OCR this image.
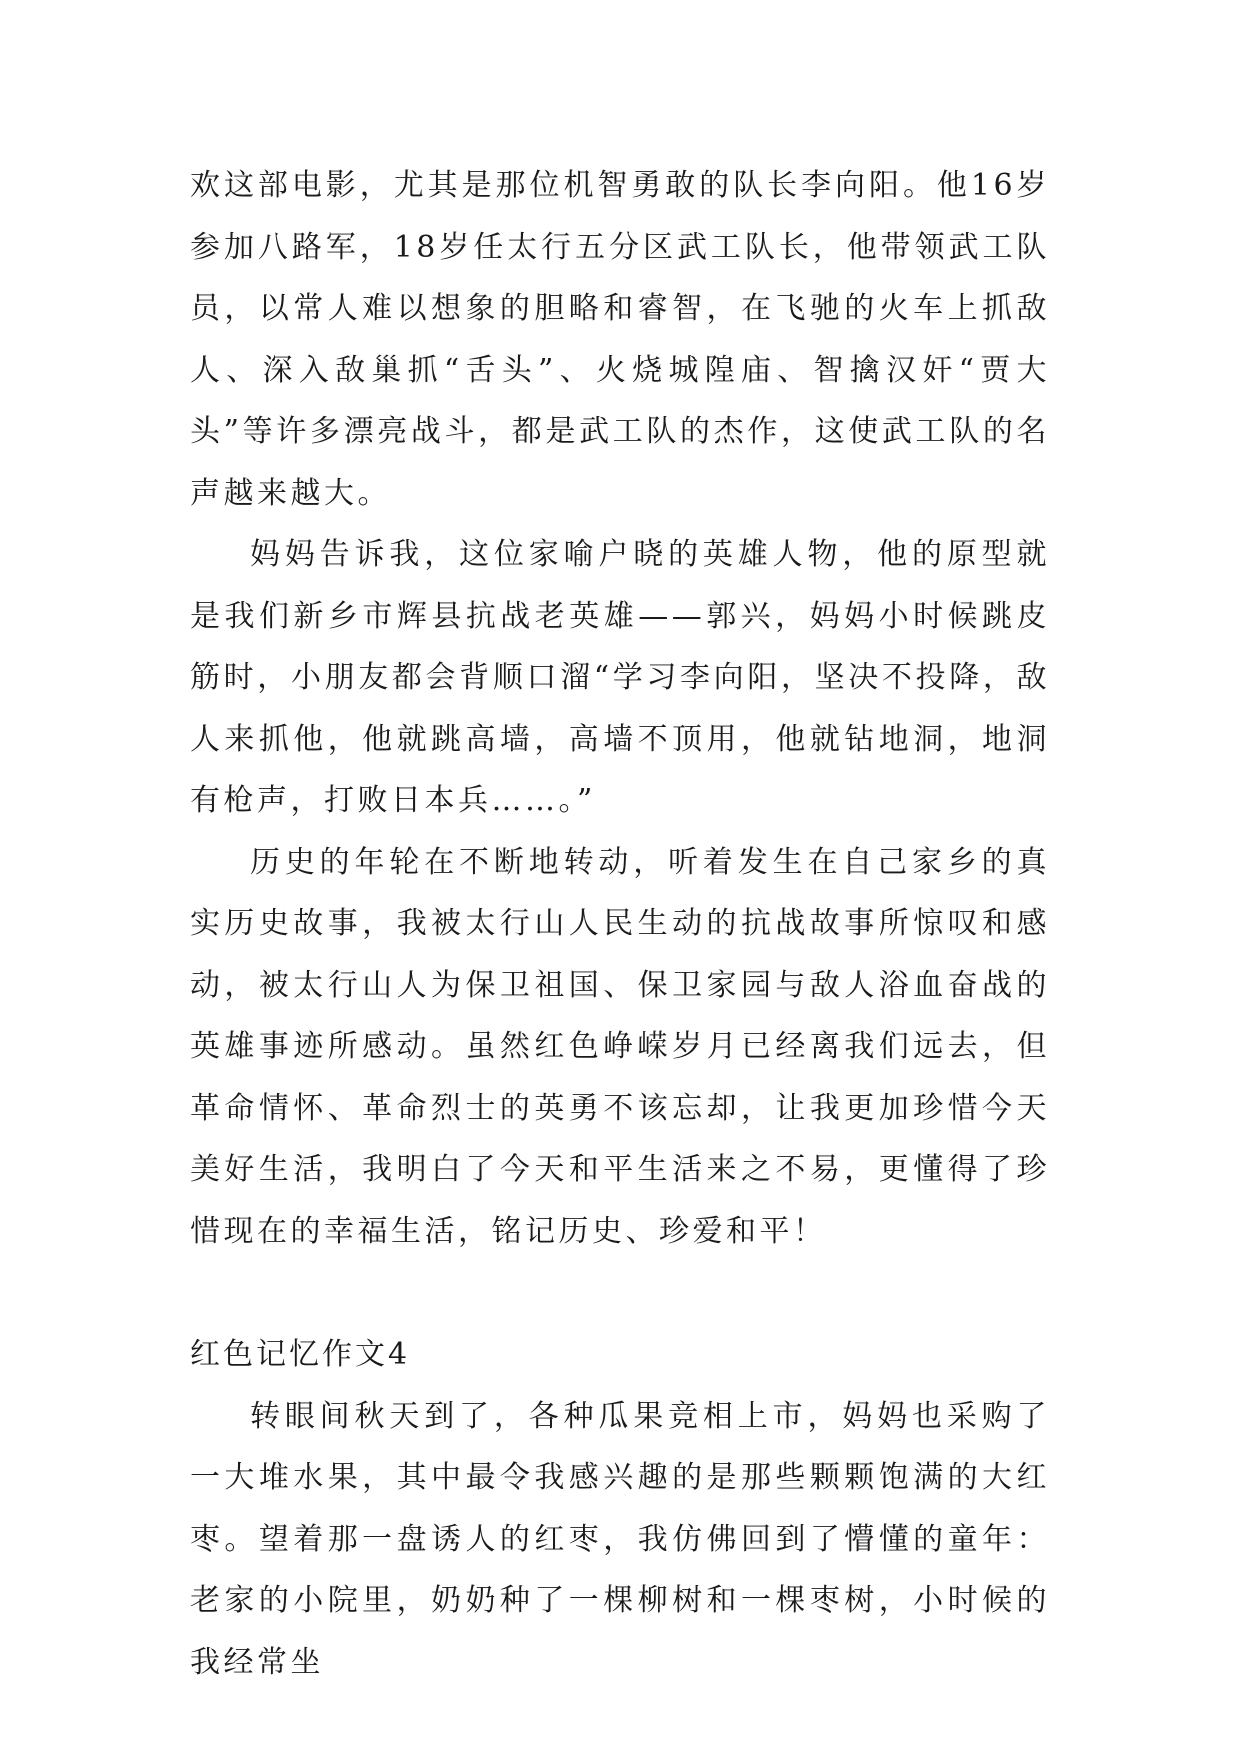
欢这部电影，尤其是那位机智勇敢的队长李向阳。他16岁参加八路军，18岁任太行五分区武工队长，他带领武工队员，以常人难以想象的胆略和睿智，在飞驰的火车上抓敌人、深入敌巢抓“舌头”、火烧城隍庙、智擒汉奸“贾大头”等许多漂亮战斗，都是武工队的杰作，这使武工队的名声越来越大。

妈妈告诉我，这位家喻户晓的英雄人物，他的原型就是我们新乡市辉县抗战老英雄——郭兴，妈妈小时候跳皮筋时，小朋友都会背顺口溜“学习李向阳，坚决不投降，敌人来抓他，他就跳高墙，高墙不顶用，他就钻地洞，地洞有枪声，打败日本兵……。”

历史的年轮在不断地转动，听着发生在自己家乡的真实历史故事，我被太行山人民生动的抗战故事所惊叹和感动，被太行山人为保卫祖国、保卫家园与敌人浴血奋战的英雄事迹所感动。虽然红色峥嵘岁月已经离我们远去，但革命情怀、革命烈士的英勇不该忘却，让我更加珍惜今天美好生活，我明白了今天和平生活来之不易，更懂得了珍惜现在的幸福生活，铭记历史、珍爱和平！

红色记忆作文4

转眼间秋天到了，各种瓜果竞相上市，妈妈也采购了一大堆水果，其中最令我感兴趣的是那些颗颗饱满的大红枣。望着那一盘诱人的红枣，我仿佛回到了懵懂的童年：老家的小院里，奶奶种了一棵柳树和一棵枣树，小时候的我经常坐
